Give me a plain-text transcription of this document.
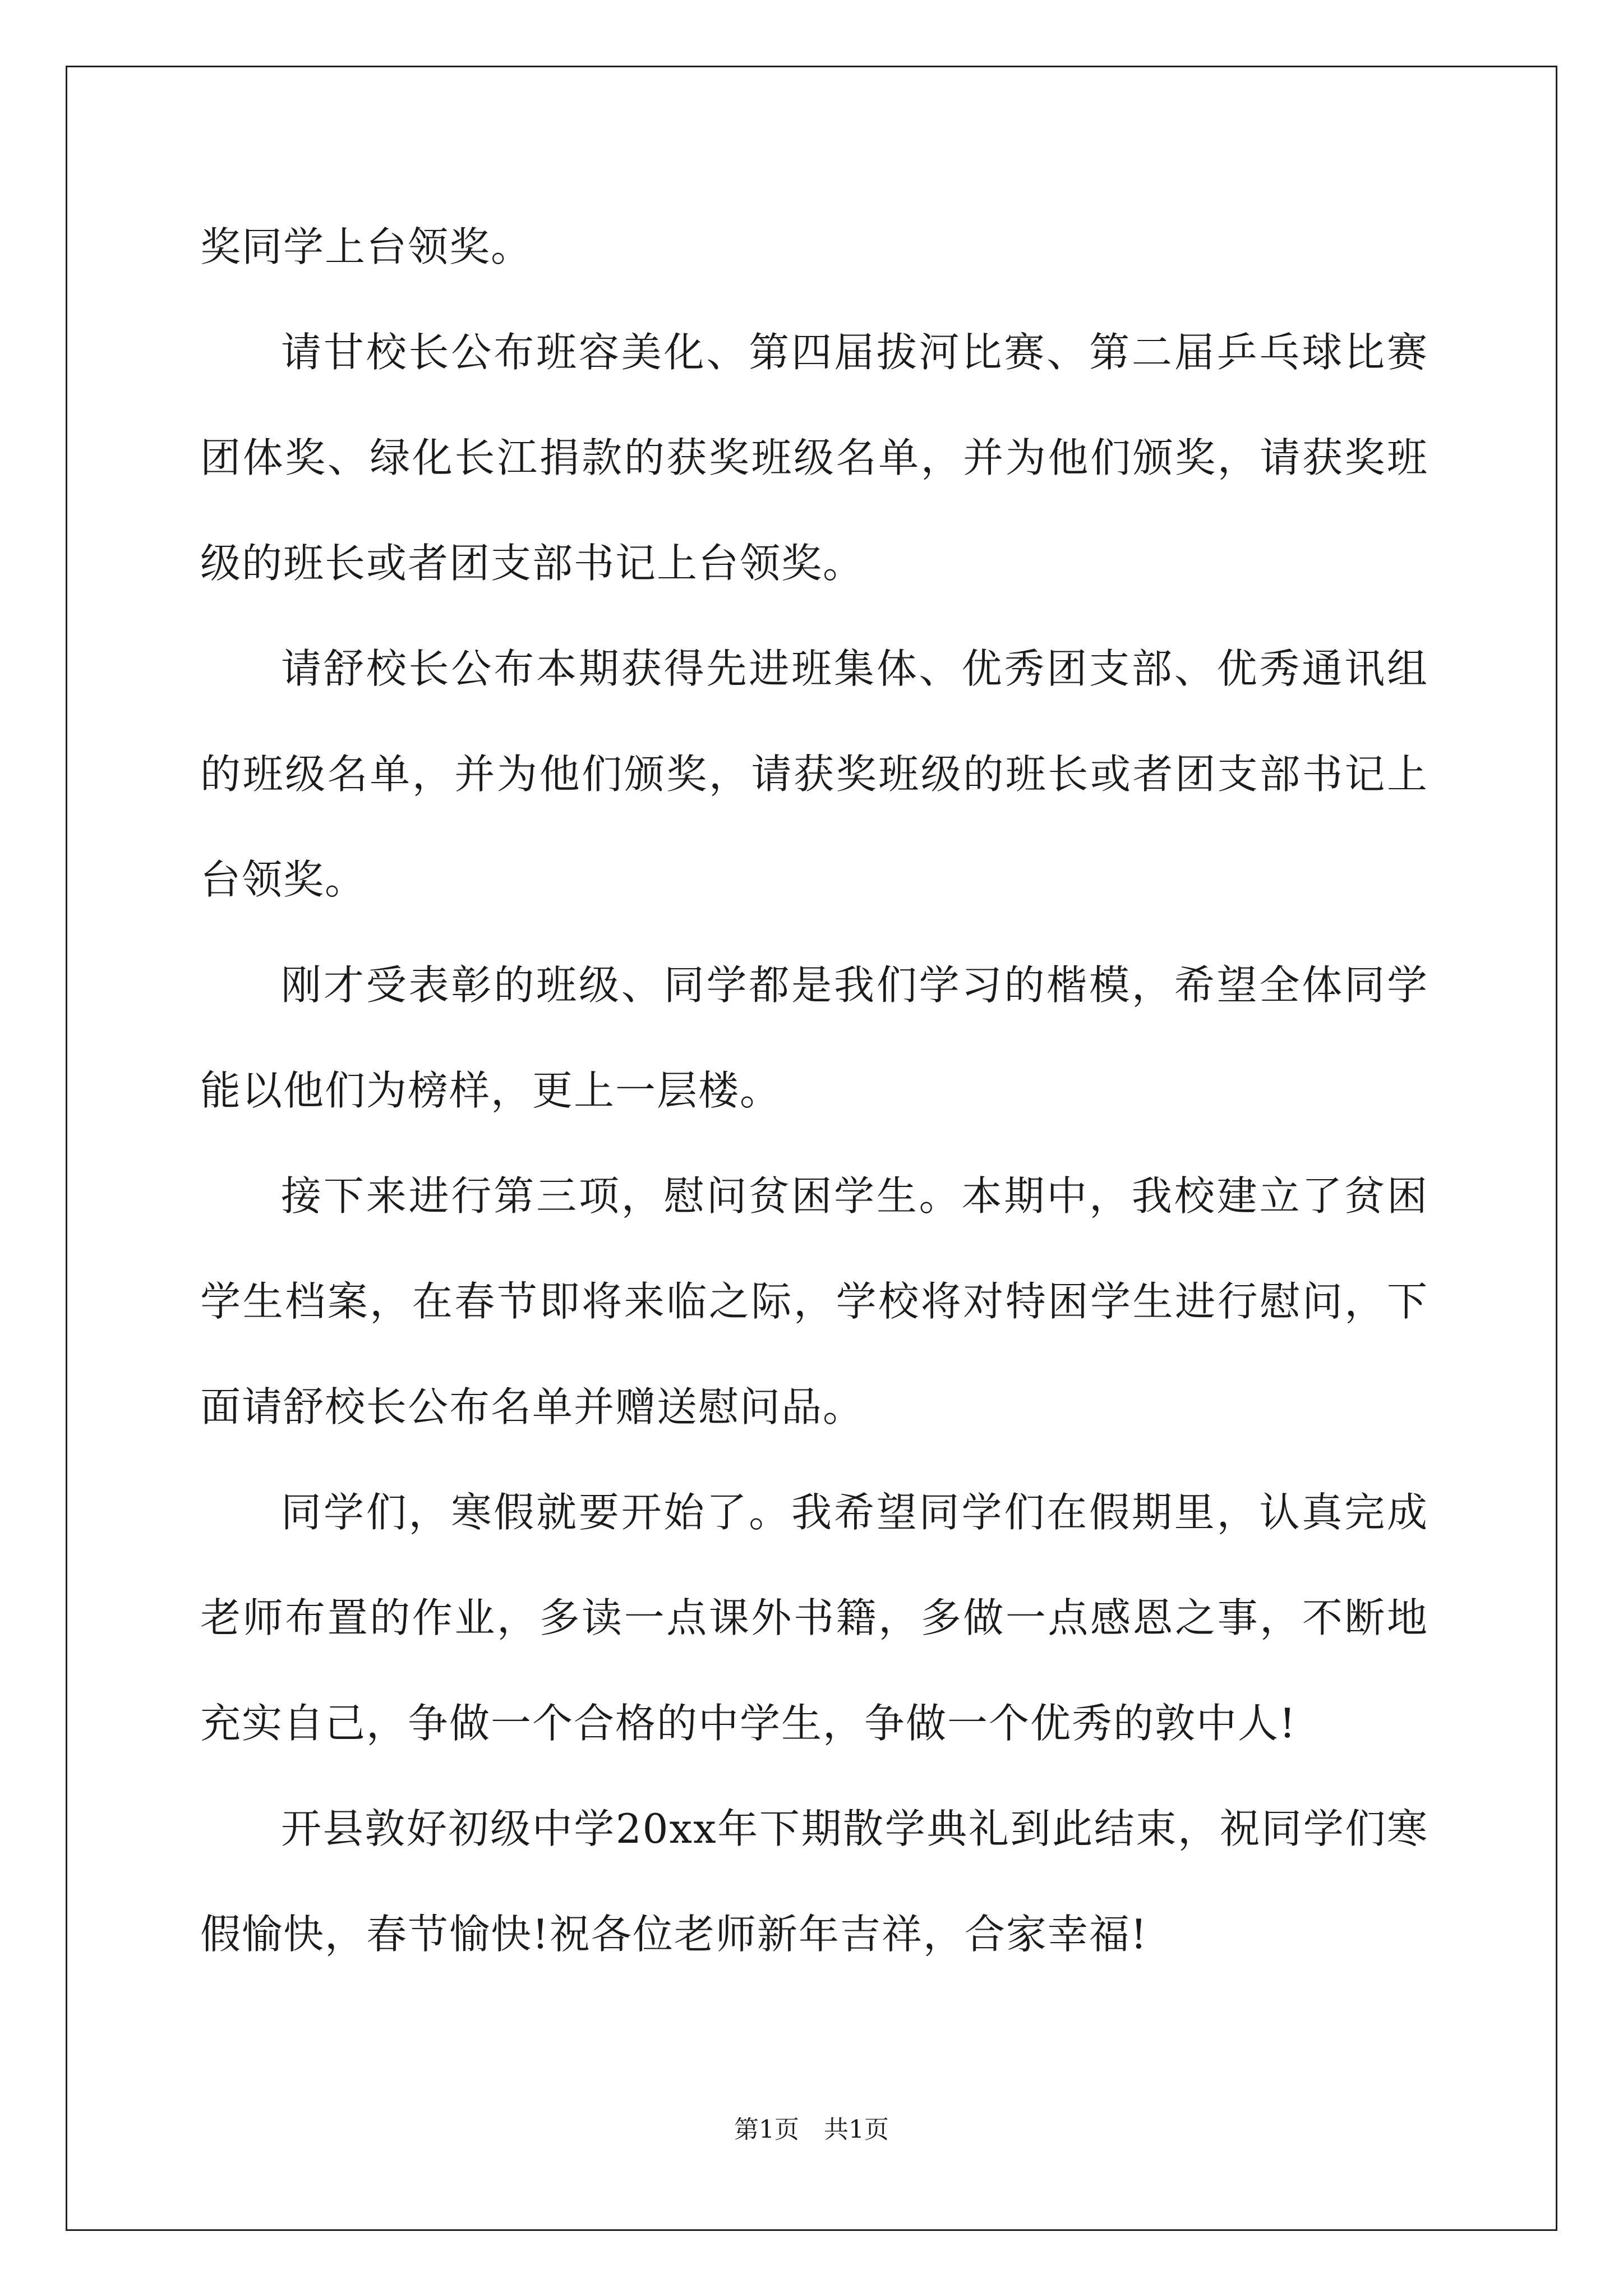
奖同学上台领奖。

请甘校长公布班容美化、第四届拔河比赛、第二届乒乓球比赛团体奖、绿化长江捐款的获奖班级名单，并为他们颁奖，请获奖班级的班长或者团支部书记上台领奖。

请舒校长公布本期获得先进班集体、优秀团支部、优秀通讯组的班级名单，并为他们颁奖，请获奖班级的班长或者团支部书记上台领奖。

刚才受表彰的班级、同学都是我们学习的楷模，希望全体同学能以他们为榜样，更上一层楼。

接下来进行第三项，慰问贫困学生。本期中，我校建立了贫困学生档案，在春节即将来临之际，学校将对特困学生进行慰问，下面请舒校长公布名单并赠送慰问品。

同学们，寒假就要开始了。我希望同学们在假期里，认真完成老师布置的作业，多读一点课外书籍，多做一点感恩之事，不断地充实自己，争做一个合格的中学生，争做一个优秀的敦中人!

开县敦好初级中学20xx年下期散学典礼到此结束，祝同学们寒假愉快，春节愉快!祝各位老师新年吉祥，合家幸福!

第1页　共1页
